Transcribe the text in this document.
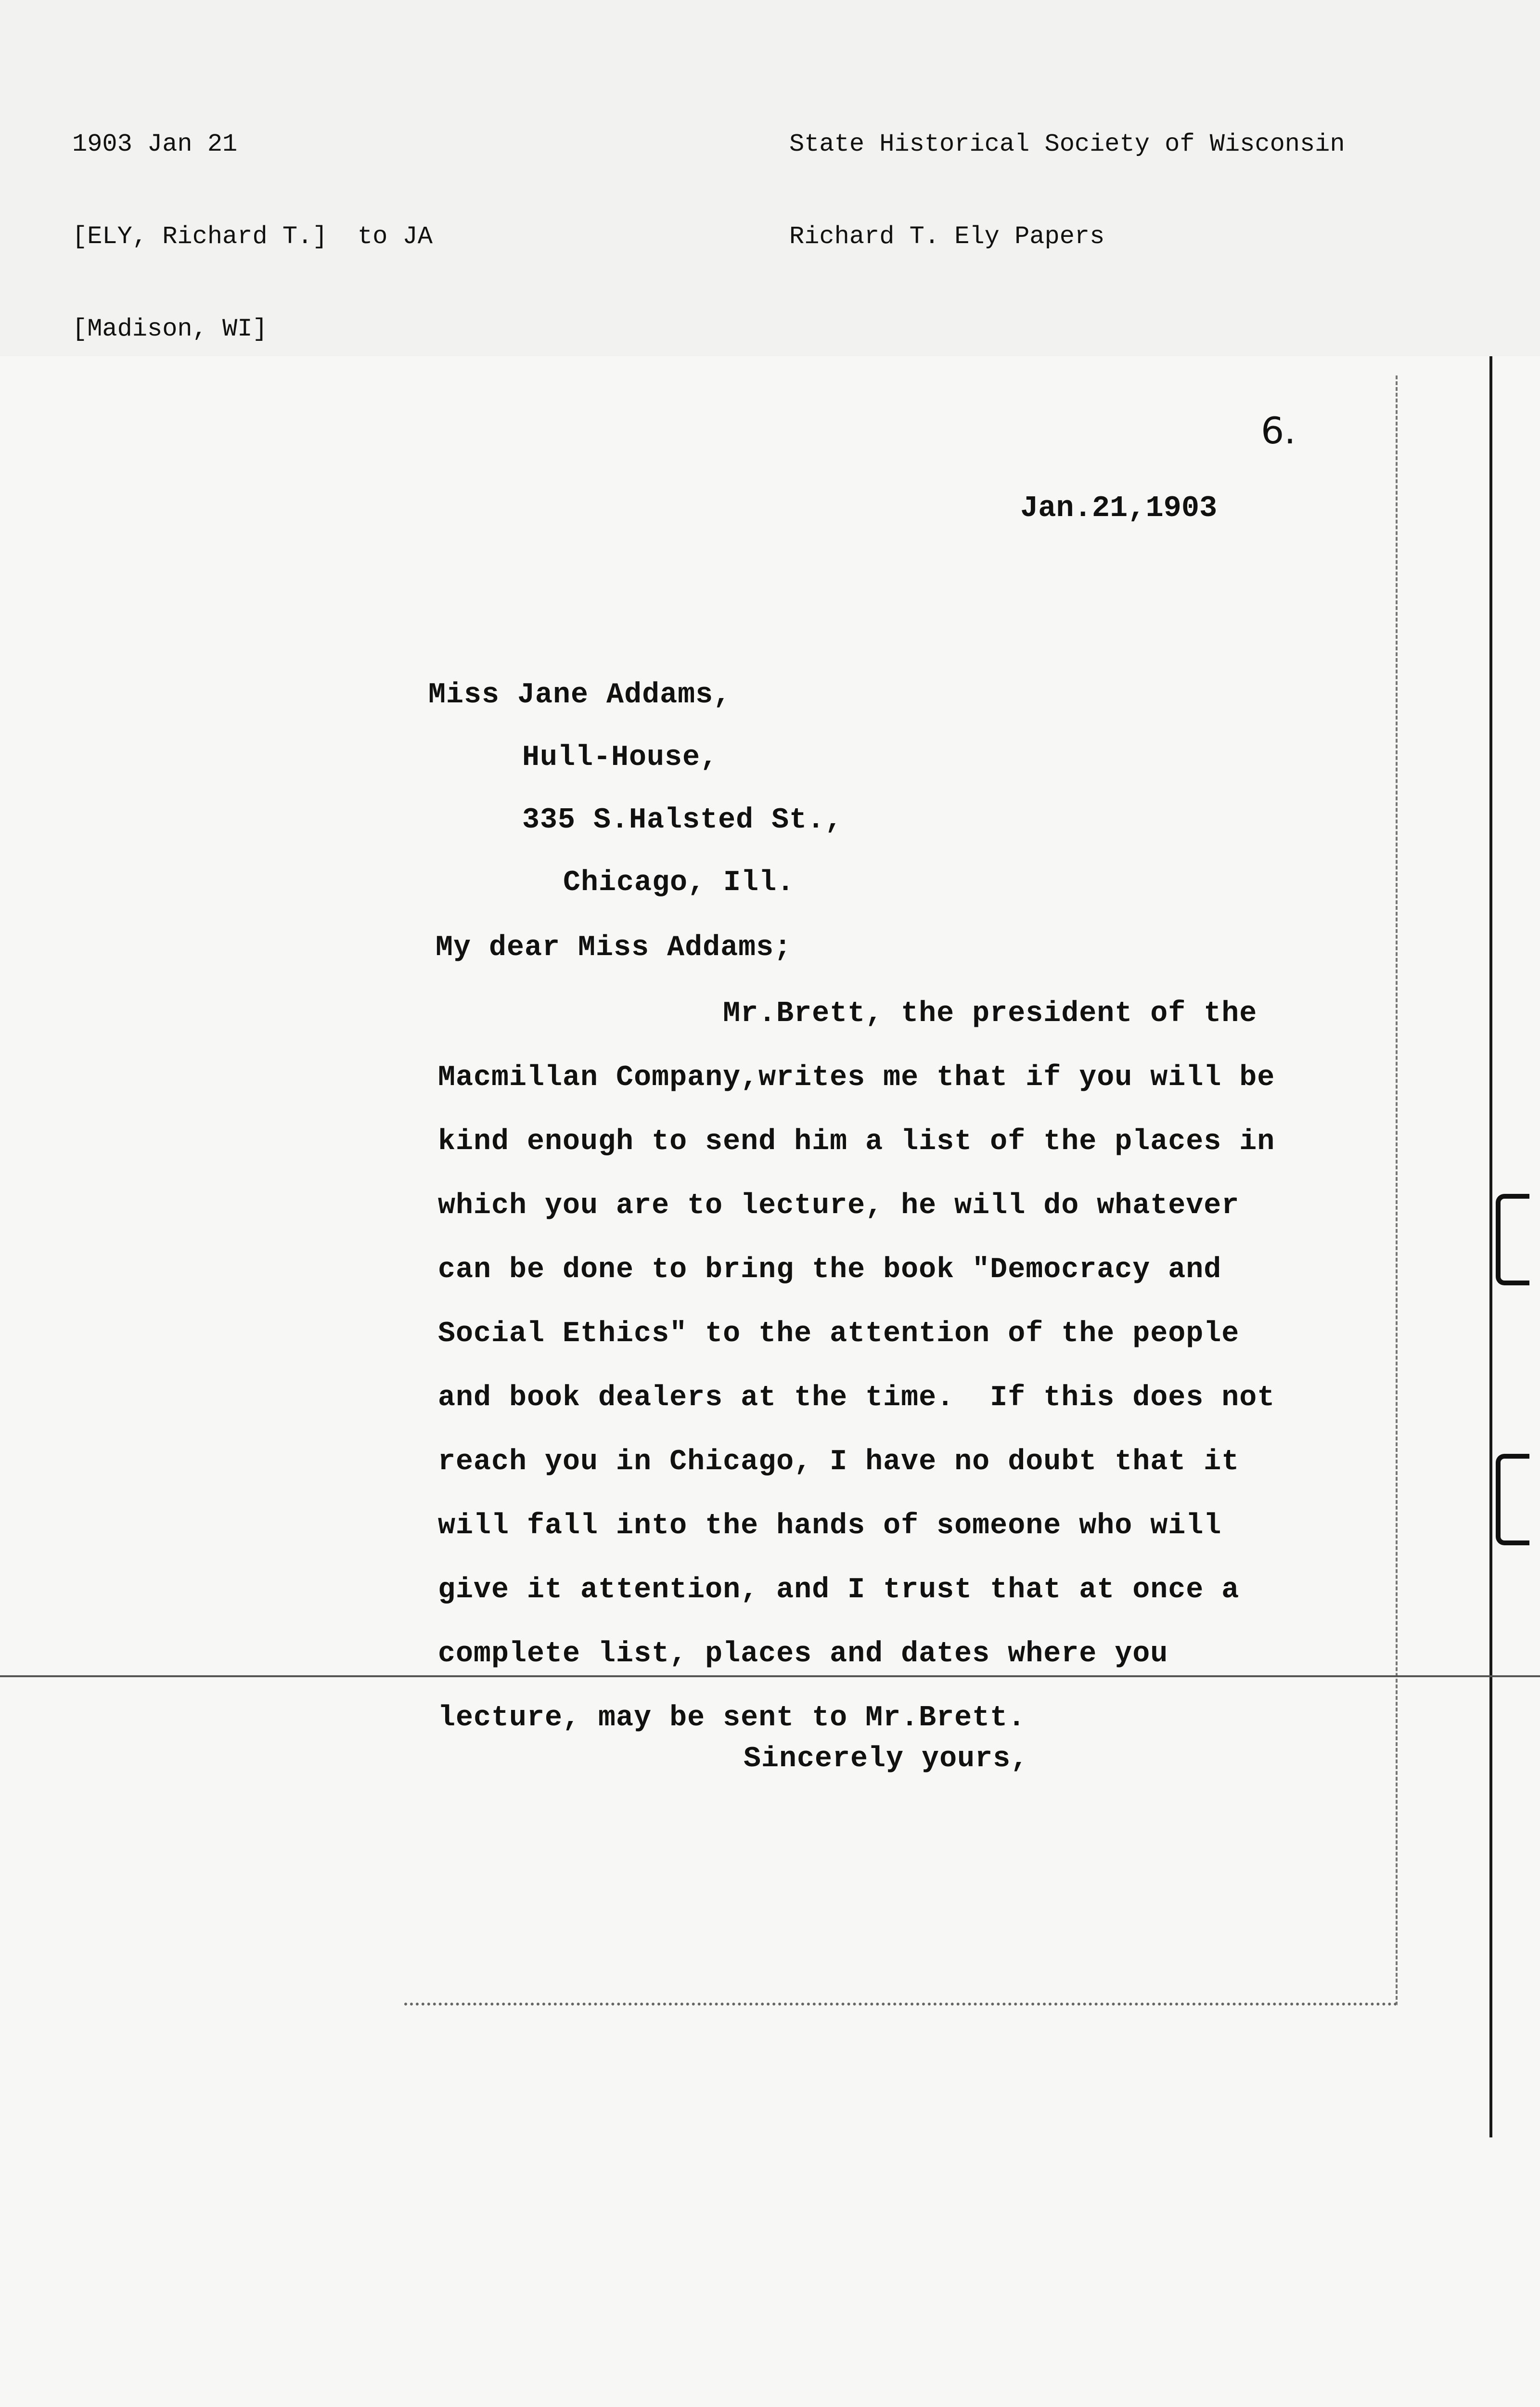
1903 Jan 21

[ELY, Richard T.]  to JA

[Madison, WI]

State Historical Society of Wisconsin

Richard T. Ely Papers

6.
Jan.21,1903
Miss Jane Addams,
Hull-House,
335 S.Halsted St.,
Chicago, Ill.
My dear Miss Addams;
Mr.Brett, the president of the
Macmillan Company,writes me that if you will be
kind enough to send him a list of the places in
which you are to lecture, he will do whatever
can be done to bring the book "Democracy and
Social Ethics" to the attention of the people
and book dealers at the time.  If this does not
reach you in Chicago, I have no doubt that it
will fall into the hands of someone who will
give it attention, and I trust that at once a
complete list, places and dates where you
lecture, may be sent to Mr.Brett.
Sincerely yours,
